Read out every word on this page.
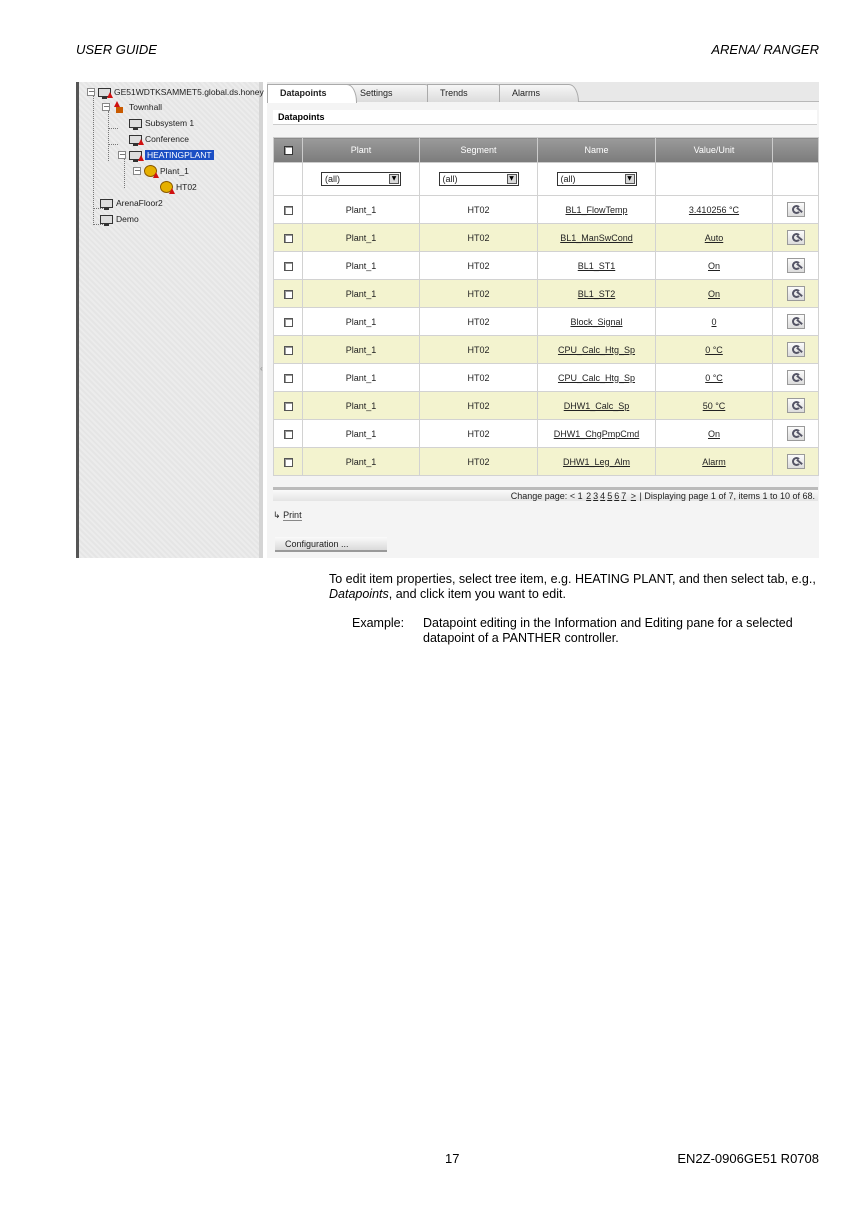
USER GUIDE	ARENA/ RANGER
− GE51WDTKSAMMET5.global.ds.honey
− Townhall
Subsystem 1
Conference
−	HEATINGPLANT
− Plant_1
HT02
ArenaFloor2
Demo
‹
Datapoints	Settings	Trends	Alarms
Datapoints
	Plant	Segment	Name	Value/Unit	
	(all) ▼	(all) ▼	(all) ▼		

	Plant_1	HT02	BL1_FlowTemp	3.410256 °C	
	Plant_1	HT02	BL1_ManSwCond	Auto	
	Plant_1	HT02	BL1_ST1	On	
	Plant_1	HT02	BL1_ST2	On	
	Plant_1	HT02	Block_Signal	0	
	Plant_1	HT02	CPU_Calc_Htg_Sp	0 °C	
	Plant_1	HT02	CPU_Calc_Htg_Sp	0 °C	
	Plant_1	HT02	DHW1_Calc_Sp	50 °C	
	Plant_1	HT02	DHW1_ChgPmpCmd	On	
	Plant_1	HT02	DHW1_Leg_Alm	Alarm	
Change page: < 1 2 3 4 5 6 7 > | Displaying page 1 of 7, items 1 to 10 of 68.
↳ Print
Configuration ...
To edit item properties, select tree item, e.g. HEATING PLANT, and then select tab, e.g., Datapoints, and click item you want to edit.
Example: Datapoint editing in the Information and Editing pane for a selected datapoint of a PANTHER controller.
17	EN2Z-0906GE51 R0708
